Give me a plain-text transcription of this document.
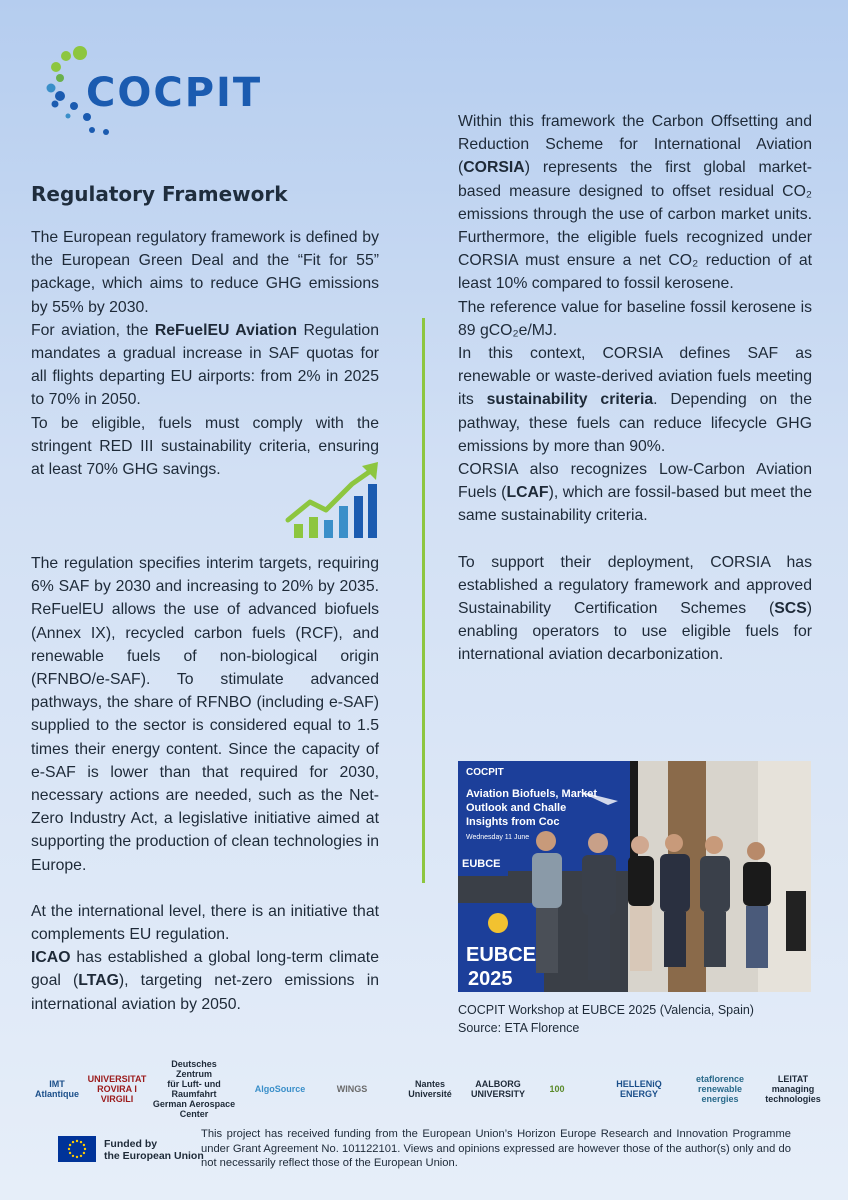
COCPIT
Regulatory Framework

The European regulatory framework is defined by the European Green Deal and the “Fit for 55” package, which aims to reduce GHG emissions by 55% by 2030.

For aviation, the ReFuelEU Aviation Regulation mandates a gradual increase in SAF quotas for all flights departing EU airports: from 2% in 2025 to 70% in 2050.

To be eligible, fuels must comply with the stringent RED III sustainability criteria, ensuring at least 70% GHG savings.

The regulation specifies interim targets, requiring 6% SAF by 2030 and increasing to 20% by 2035. ReFuelEU allows the use of advanced biofuels (Annex IX), recycled carbon fuels (RCF), and renewable fuels of non-biological origin (RFNBO/e-SAF). To stimulate advanced pathways, the share of RFNBO (including e-SAF) supplied to the sector is considered equal to 1.5 times their energy content. Since the capacity of e-SAF is lower than that required for 2030, necessary actions are needed, such as the Net-Zero Industry Act, a legislative initiative aimed at supporting the production of clean technologies in Europe.

At the international level, there is an initiative that complements EU regulation.

ICAO has established a global long-term climate goal (LTAG), targeting net-zero emissions in international aviation by 2050.

Within this framework the Carbon Offsetting and Reduction Scheme for International Aviation (CORSIA) represents the first global market-based measure designed to offset residual CO₂ emissions through the use of carbon market units. Furthermore, the eligible fuels recognized under CORSIA must ensure a net CO₂ reduction of at least 10% compared to fossil kerosene.

The reference value for baseline fossil kerosene is 89 gCO₂e/MJ.

In this context, CORSIA defines SAF as renewable or waste-derived aviation fuels meeting its sustainability criteria. Depending on the pathway, these fuels can reduce lifecycle GHG emissions by more than 90%.

CORSIA also recognizes Low-Carbon Aviation Fuels (LCAF), which are fossil-based but meet the same sustainability criteria.

To support their deployment, CORSIA has established a regulatory framework and approved Sustainability Certification Schemes (SCS) enabling operators to use eligible fuels for international aviation decarbonization.

COCPIT
Aviation Biofuels, Market
Outlook and Challe
Insights from Coc
Wednesday 11 June
EUBCE
EUBCE
2025
COCPIT Workshop at EUBCE 2025 (Valencia, Spain)
Source: ETA Florence
IMT Atlantique
UNIVERSITAT ROVIRA I VIRGILI
Deutsches Zentrum
für Luft- und Raumfahrt
German Aerospace Center
AlgoSource	WINGS	Nantes
Université
AALBORG
UNIVERSITY	100	HELLENiQ
ENERGY
etaflorence
renewable
energies
LEITAT
managing technologies
Funded by
the European Union
This project has received funding from the European Union’s Horizon Europe Research and Innovation Programme under Grant Agreement No. 101122101. Views and opinions expressed are however those of the author(s) only and do not necessarily reflect those of the European Union.
